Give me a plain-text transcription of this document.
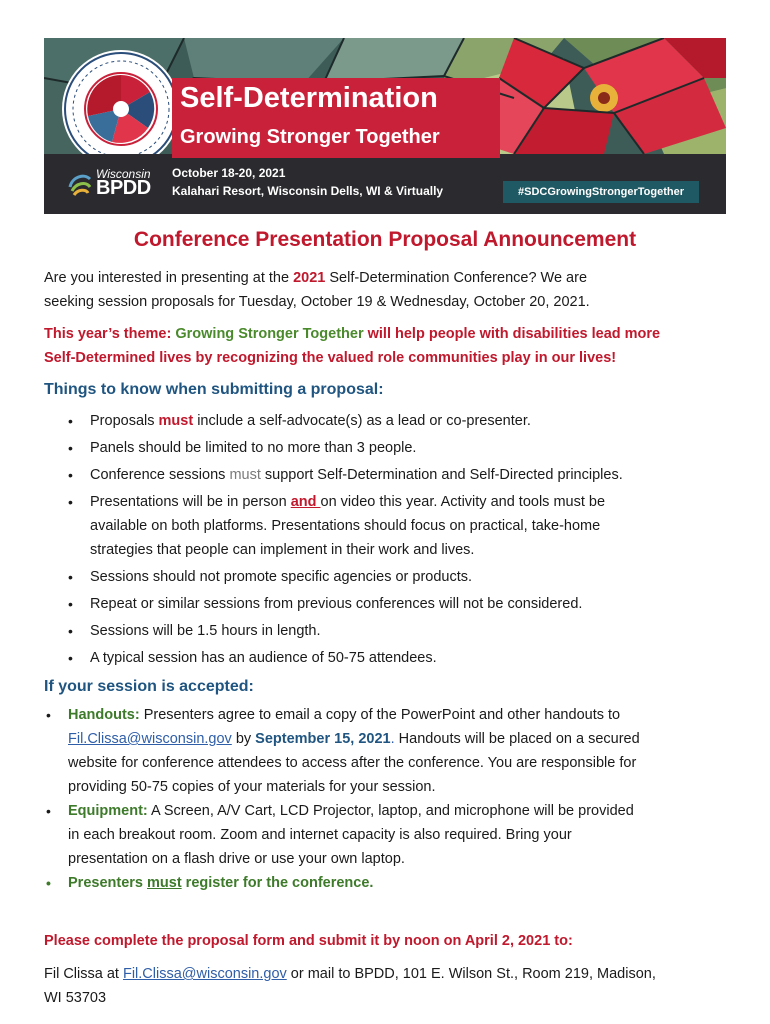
Self-Determination
Growing Stronger Together
Wisconsin
BPDD
October 18-20, 2021
Kalahari Resort, Wisconsin Dells, WI & Virtually	#SDCGrowingStrongerTogether
Conference Presentation Proposal Announcement
Are you interested in presenting at the 2021 Self-Determination Conference? We are
seeking session proposals for Tuesday, October 19 & Wednesday, October 20, 2021.
This year’s theme: Growing Stronger Together will help people with disabilities lead more
Self-Determined lives by recognizing the valued role communities play in our lives!
Things to know when submitting a proposal:
• Proposals must include a self-advocate(s) as a lead or co-presenter.
• Panels should be limited to no more than 3 people.
• Conference sessions must support Self-Determination and Self-Directed principles.
• Presentations will be in person and on video this year. Activity and tools must be
available on both platforms. Presentations should focus on practical, take-home
strategies that people can implement in their work and lives.
• Sessions should not promote specific agencies or products.
• Repeat or similar sessions from previous conferences will not be considered.
• Sessions will be 1.5 hours in length.
• A typical session has an audience of 50-75 attendees.
If your session is accepted:
• Handouts: Presenters agree to email a copy of the PowerPoint and other handouts to
Fil.Clissa@wisconsin.gov by September 15, 2021. Handouts will be placed on a secured
website for conference attendees to access after the conference. You are responsible for
providing 50-75 copies of your materials for your session.
• Equipment: A Screen, A/V Cart, LCD Projector, laptop, and microphone will be provided
in each breakout room. Zoom and internet capacity is also required. Bring your
presentation on a flash drive or use your own laptop.
• Presenters must register for the conference.
Please complete the proposal form and submit it by noon on April 2, 2021 to:
Fil Clissa at Fil.Clissa@wisconsin.gov or mail to BPDD, 101 E. Wilson St., Room 219, Madison,
WI 53703
